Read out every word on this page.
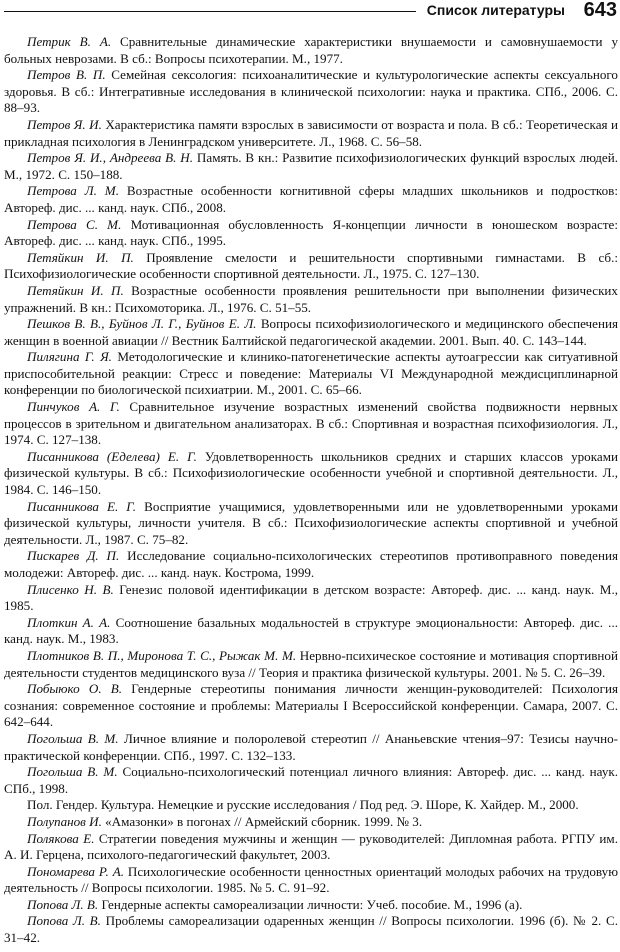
Список литературы 643
Петрик В. А. Сравнительные динамические характеристики внушаемости и самовнушаемости у больных неврозами. В сб.: Вопросы психотерапии. М., 1977.
Петров В. П. Семейная сексология: психоаналитические и культурологические аспекты сексуального здоровья. В сб.: Интегративные исследования в клинической психологии: наука и практика. СПб., 2006. С. 88–93.
Петров Я. И. Характеристика памяти взрослых в зависимости от возраста и пола. В сб.: Теоретическая и прикладная психология в Ленинградском университете. Л., 1968. С. 56–58.
Петров Я. И., Андреева В. Н. Память. В кн.: Развитие психофизиологических функций взрослых людей. М., 1972. С. 150–188.
Петрова Л. М. Возрастные особенности когнитивной сферы младших школьников и подростков: Автореф. дис. ... канд. наук. СПб., 2008.
Петрова С. М. Мотивационная обусловленность Я-концепции личности в юношеском возрасте: Автореф. дис. ... канд. наук. СПб., 1995.
Петяйкин И. П. Проявление смелости и решительности спортивными гимнастами. В сб.: Психофизиологические особенности спортивной деятельности. Л., 1975. С. 127–130.
Петяйкин И. П. Возрастные особенности проявления решительности при выполнении физических упражнений. В кн.: Психомоторика. Л., 1976. С. 51–55.
Пешков В. В., Буйнов Л. Г., Буйнов Е. Л. Вопросы психофизиологического и медицинского обеспечения женщин в военной авиации // Вестник Балтийской педагогической академии. 2001. Вып. 40. С. 143–144.
Пилягина Г. Я. Методологические и клинико-патогенетические аспекты аутоагрессии как ситуативной приспособительной реакции: Стресс и поведение: Материалы VI Международной междисциплинарной конференции по биологической психиатрии. М., 2001. С. 65–66.
Пинчуков А. Г. Сравнительное изучение возрастных изменений свойства подвижности нервных процессов в зрительном и двигательном анализаторах. В сб.: Спортивная и возрастная психофизиология. Л., 1974. С. 127–138.
Писанникова (Еделева) Е. Г. Удовлетворенность школьников средних и старших классов уроками физической культуры. В сб.: Психофизиологические особенности учебной и спортивной деятельности. Л., 1984. С. 146–150.
Писанникова Е. Г. Восприятие учащимися, удовлетворенными или не удовлетворенными уроками физической культуры, личности учителя. В сб.: Психофизиологические аспекты спортивной и учебной деятельности. Л., 1987. С. 75–82.
Пискарев Д. П. Исследование социально-психологических стереотипов противоправного поведения молодежи: Автореф. дис. ... канд. наук. Кострома, 1999.
Плисенко Н. В. Генезис половой идентификации в детском возрасте: Автореф. дис. ... канд. наук. М., 1985.
Плоткин А. А. Соотношение базальных модальностей в структуре эмоциональности: Автореф. дис. ... канд. наук. М., 1983.
Плотников В. П., Миронова Т. С., Рыжак М. М. Нервно-психическое состояние и мотивация спортивной деятельности студентов медицинского вуза // Теория и практика физической культуры. 2001. № 5. С. 26–39.
Побыюко О. В. Гендерные стереотипы понимания личности женщин-руководителей: Психология сознания: современное состояние и проблемы: Материалы I Всероссийской конференции. Самара, 2007. С. 642–644.
Погольша В. М. Личное влияние и полоролевой стереотип // Ананьевские чтения–97: Тезисы научно-практической конференции. СПб., 1997. С. 132–133.
Погольша В. М. Социально-психологический потенциал личного влияния: Автореф. дис. ... канд. наук. СПб., 1998.
Пол. Гендер. Культура. Немецкие и русские исследования / Под ред. Э. Шоре, К. Хайдер. М., 2000.
Полупанов И. «Амазонки» в погонах // Армейский сборник. 1999. № 3.
Полякова Е. Стратегии поведения мужчины и женщин — руководителей: Дипломная работа. РГПУ им. А. И. Герцена, психолого-педагогический факультет, 2003.
Пономарева Р. А. Психологические особенности ценностных ориентаций молодых рабочих на трудовую деятельность // Вопросы психологии. 1985. № 5. С. 91–92.
Попова Л. В. Гендерные аспекты самореализации личности: Учеб. пособие. М., 1996 (а).
Попова Л. В. Проблемы самореализации одаренных женщин // Вопросы психологии. 1996 (б). № 2. С. 31–42.
